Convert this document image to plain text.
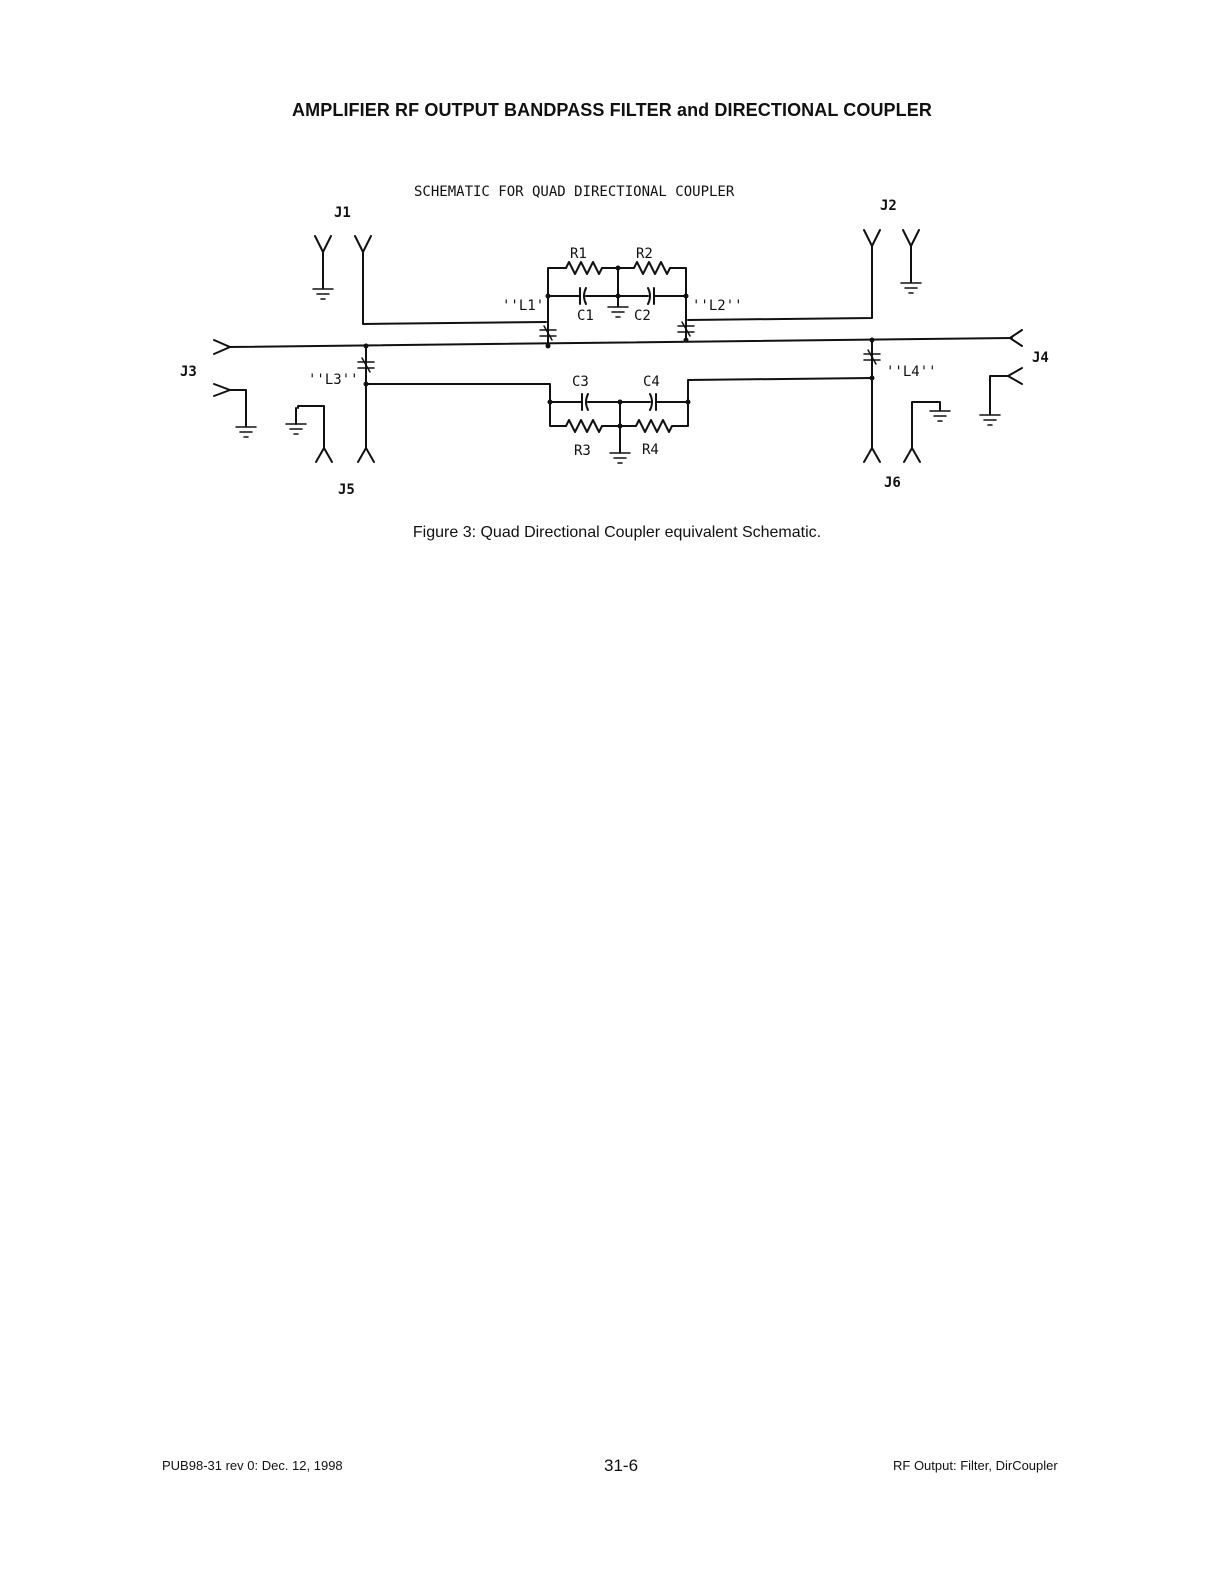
AMPLIFIER RF OUTPUT BANDPASS FILTER and DIRECTIONAL COUPLER
SCHEMATIC FOR QUAD DIRECTIONAL COUPLER
J1	J2
J3
J4
J5	J6
R1	R2
R3	R4
C1	C2
C3	C4
''L1''	''L2''
''L3''	''L4''
Figure 3: Quad Directional Coupler equivalent Schematic.
PUB98-31 rev 0: Dec. 12, 1998	31-6	RF Output: Filter, DirCoupler
